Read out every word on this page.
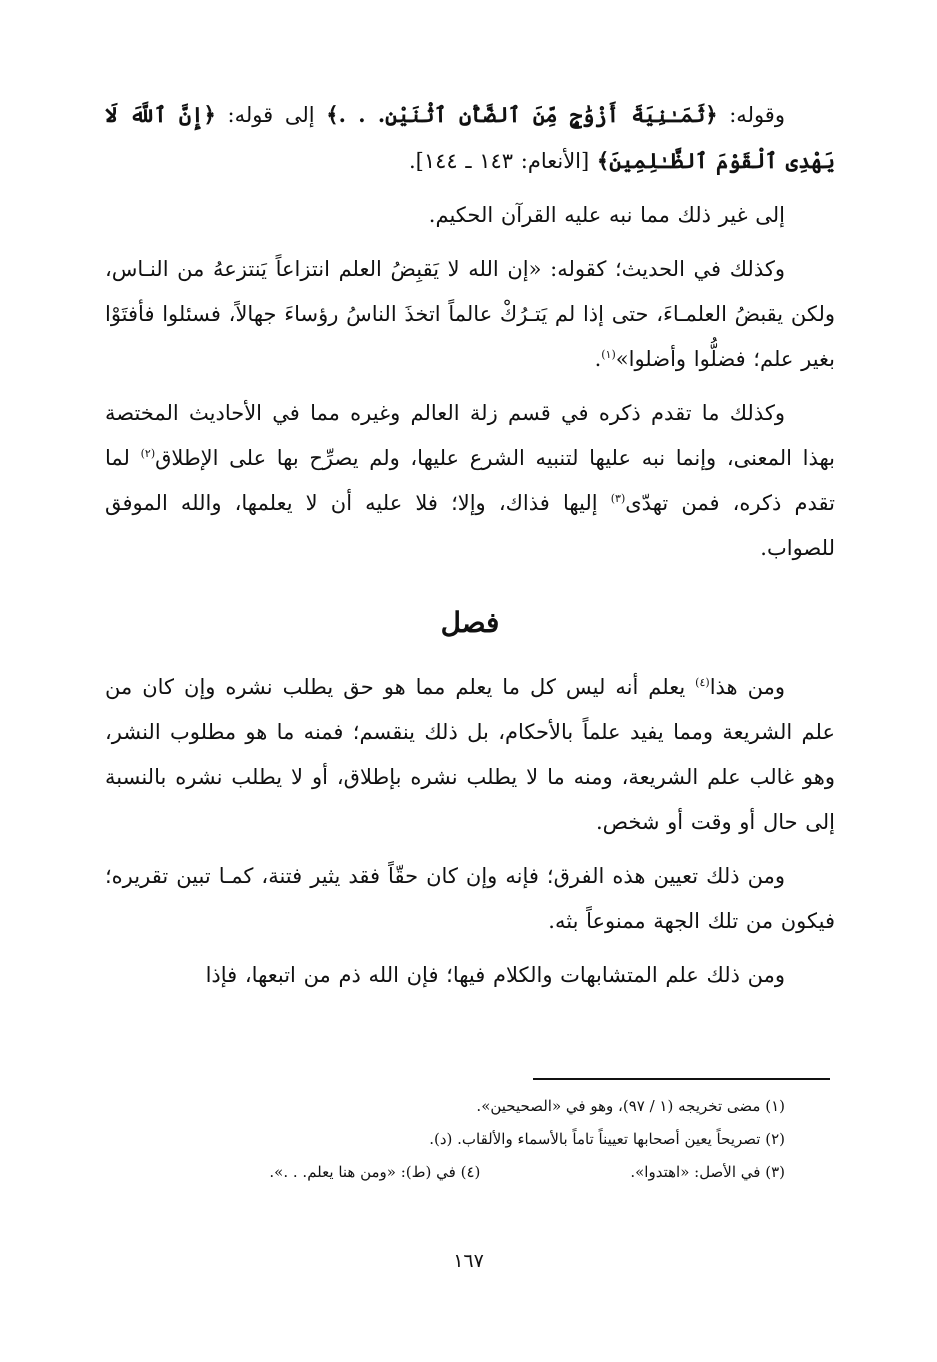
وقوله: ﴿ثَمَـٰنِيَةَ أَزْوَٰجٍ مِّنَ ٱلضَّأْنِ ٱثْنَيْنِ. . .﴾ إلى قوله: ﴿إِنَّ ٱللَّهَ لَا يَهْدِى ٱلْقَوْمَ ٱلظَّـٰلِمِينَ﴾ [الأنعام: ١٤٣ ـ ١٤٤].

إلى غير ذلك مما نبه عليه القرآن الحكيم.

وكذلك في الحديث؛ كقوله: «إن الله لا يَقبِضُ العلم انتزاعاً يَنتزعهُ من النـاس، ولكن يقبضُ العلمـاءَ، حتى إذا لم يَتـرُكْ عالماً اتخذَ الناسُ رؤساءَ جهالاً، فسئلوا فأفتَوْا بغير علم؛ فضلُّوا وأضلوا»$^{(١)}$.

وكذلك ما تقدم ذكره في قسم زلة العالم وغيره مما في الأحاديث المختصة بهذا المعنى، وإنما نبه عليها لتنبيه الشرع عليها، ولم يصرِّح بها على الإطلاق$^{(٢)}$ لما تقدم ذكره، فمن تهدّى$^{(٣)}$ إليها فذاك، وإلا؛ فلا عليه أن لا يعلمها، والله الموفق للصواب.

فصل

ومن هذا$^{(٤)}$ يعلم أنه ليس كل ما يعلم مما هو حق يطلب نشره وإن كان من علم الشريعة ومما يفيد علماً بالأحكام، بل ذلك ينقسم؛ فمنه ما هو مطلوب النشر، وهو غالب علم الشريعة، ومنه ما لا يطلب نشره بإطلاق، أو لا يطلب نشره بالنسبة إلى حال أو وقت أو شخص.

ومن ذلك تعيين هذه الفرق؛ فإنه وإن كان حقّاً فقد يثير فتنة، كمـا تبين تقريره؛ فيكون من تلك الجهة ممنوعاً بثه.

ومن ذلك علم المتشابهات والكلام فيها؛ فإن الله ذم من اتبعها، فإذا

(١) مضى تخريجه (١ / ٩٧)، وهو في «الصحيحين».
(٢) تصريحاً يعين أصحابها تعييناً تاماً بالأسماء والألقاب. (د).
(٣) في الأصل: «اهتدوا».
(٤) في (ط): «ومن هنا يعلم. . .».
١٦٧
